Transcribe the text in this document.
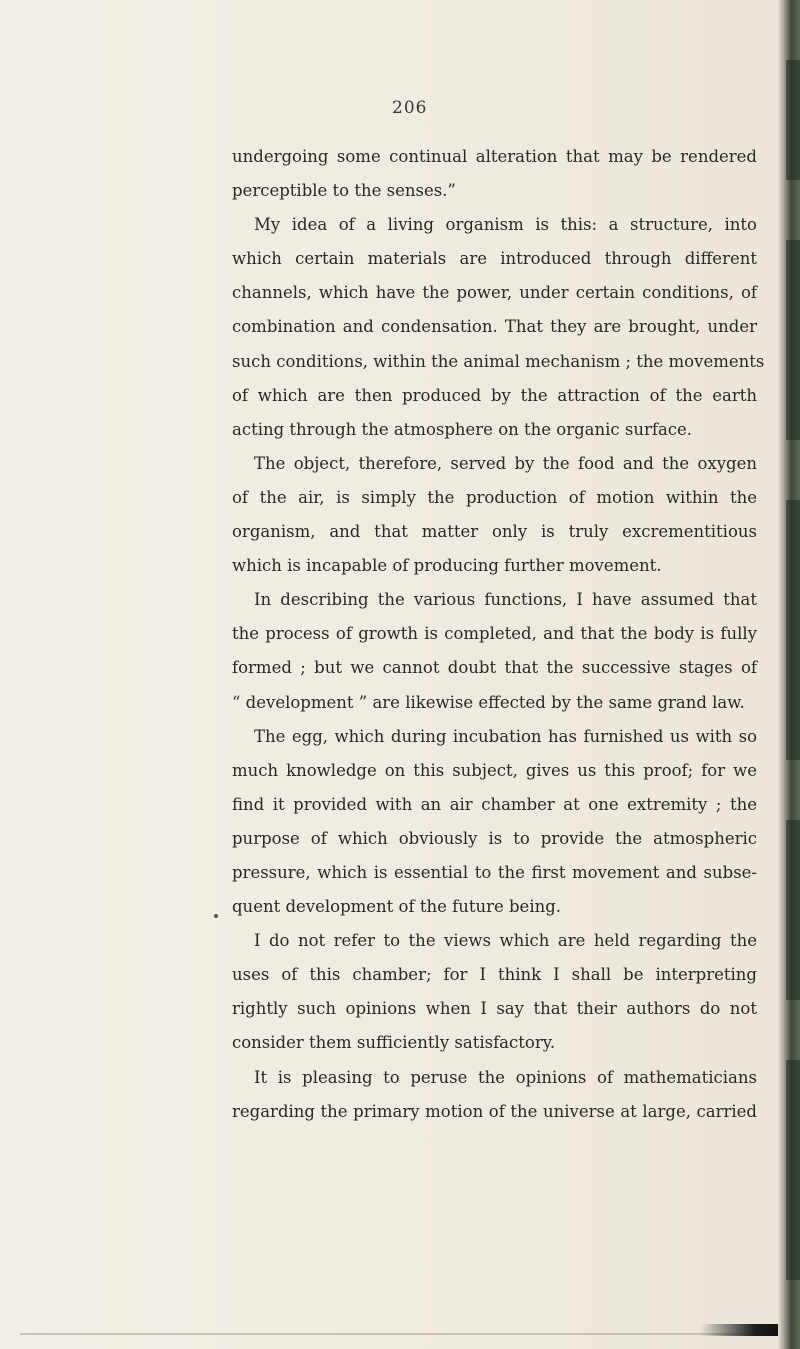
206
undergoing some continual alteration that may be rendered
perceptible to the senses.”
My idea of a living organism is this: a structure, into
which certain materials are introduced through different
channels, which have the power, under certain conditions, of
combination and condensation. That they are brought, under
such conditions, within the animal mechanism ; the movements
of which are then produced by the attraction of the earth
acting through the atmosphere on the organic surface.
The object, therefore, served by the food and the oxygen
of the air, is simply the production of motion within the
organism, and that matter only is truly excrementitious
which is incapable of producing further movement.
In describing the various functions, I have assumed that
the process of growth is completed, and that the body is fully
formed ; but we cannot doubt that the successive stages of
“ development ” are likewise effected by the same grand law.
The egg, which during incubation has furnished us with so
much knowledge on this subject, gives us this proof; for we
find it provided with an air chamber at one extremity ; the
purpose of which obviously is to provide the atmospheric
pressure, which is essential to the first movement and subse-
quent development of the future being.
I do not refer to the views which are held regarding the
uses of this chamber; for I think I shall be interpreting
rightly such opinions when I say that their authors do not
consider them sufficiently satisfactory.
It is pleasing to peruse the opinions of mathematicians
regarding the primary motion of the universe at large, carried
